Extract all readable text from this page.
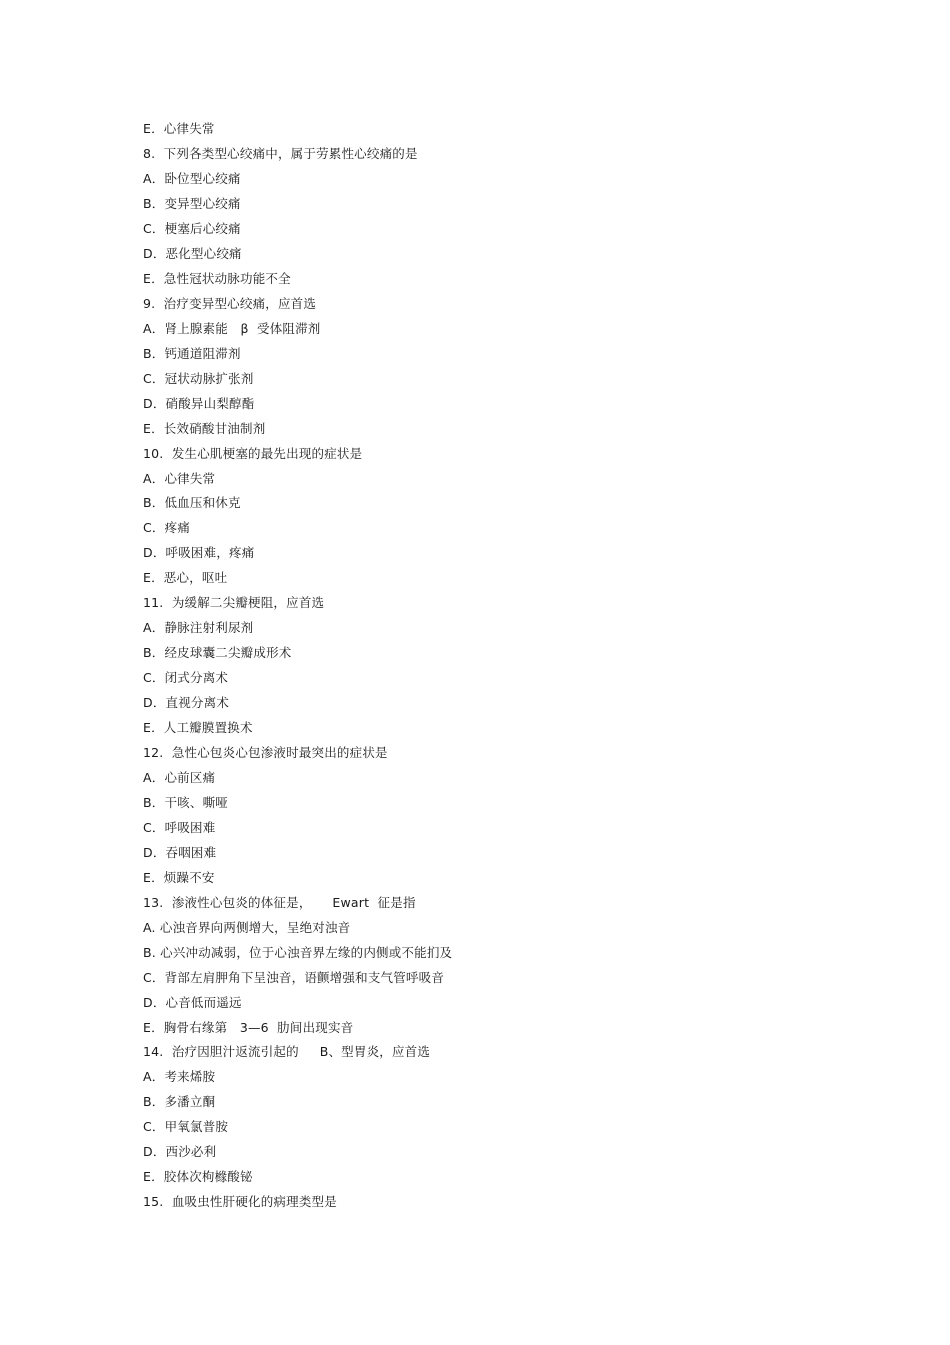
E．心律失常
8.  下列各类型心绞痛中，属于劳累性心绞痛的是
A．卧位型心绞痛
B．变异型心绞痛
C．梗塞后心绞痛
D．恶化型心绞痛
E．急性冠状动脉功能不全
9.  治疗变异型心绞痛，应首选
A．肾上腺素能   β  受体阻滞剂
B．钙通道阻滞剂
C．冠状动脉扩张剂
D．硝酸异山梨醇酯
E．长效硝酸甘油制剂
10.  发生心肌梗塞的最先出现的症状是
A．心律失常
B．低血压和休克
C．疼痛
D．呼吸困难，疼痛
E．恶心，呕吐
11.  为缓解二尖瓣梗阻，应首选
A．静脉注射利尿剂
B．经皮球囊二尖瓣成形术
C．闭式分离术
D．直视分离术
E．人工瓣膜置换术
12.  急性心包炎心包渗液时最突出的症状是
A．心前区痛
B．干咳、嘶哑
C．呼吸困难
D．吞咽困难
E．烦躁不安
13.  渗液性心包炎的体征是，     Ewart  征是指
A. 心浊音界向两侧增大，呈绝对浊音
B. 心兴冲动减弱，位于心浊音界左缘的内侧或不能扪及
C．背部左肩胛角下呈浊音，语颤增强和支气管呼吸音
D．心音低而遥远
E．胸骨右缘第   3—6  肋间出现实音
14.  治疗因胆汁返流引起的     B、型胃炎，应首选
A．考来烯胺
B．多潘立酮
C．甲氧氯普胺
D．西沙必利
E．胶体次枸橼酸铋
15.  血吸虫性肝硬化的病理类型是
